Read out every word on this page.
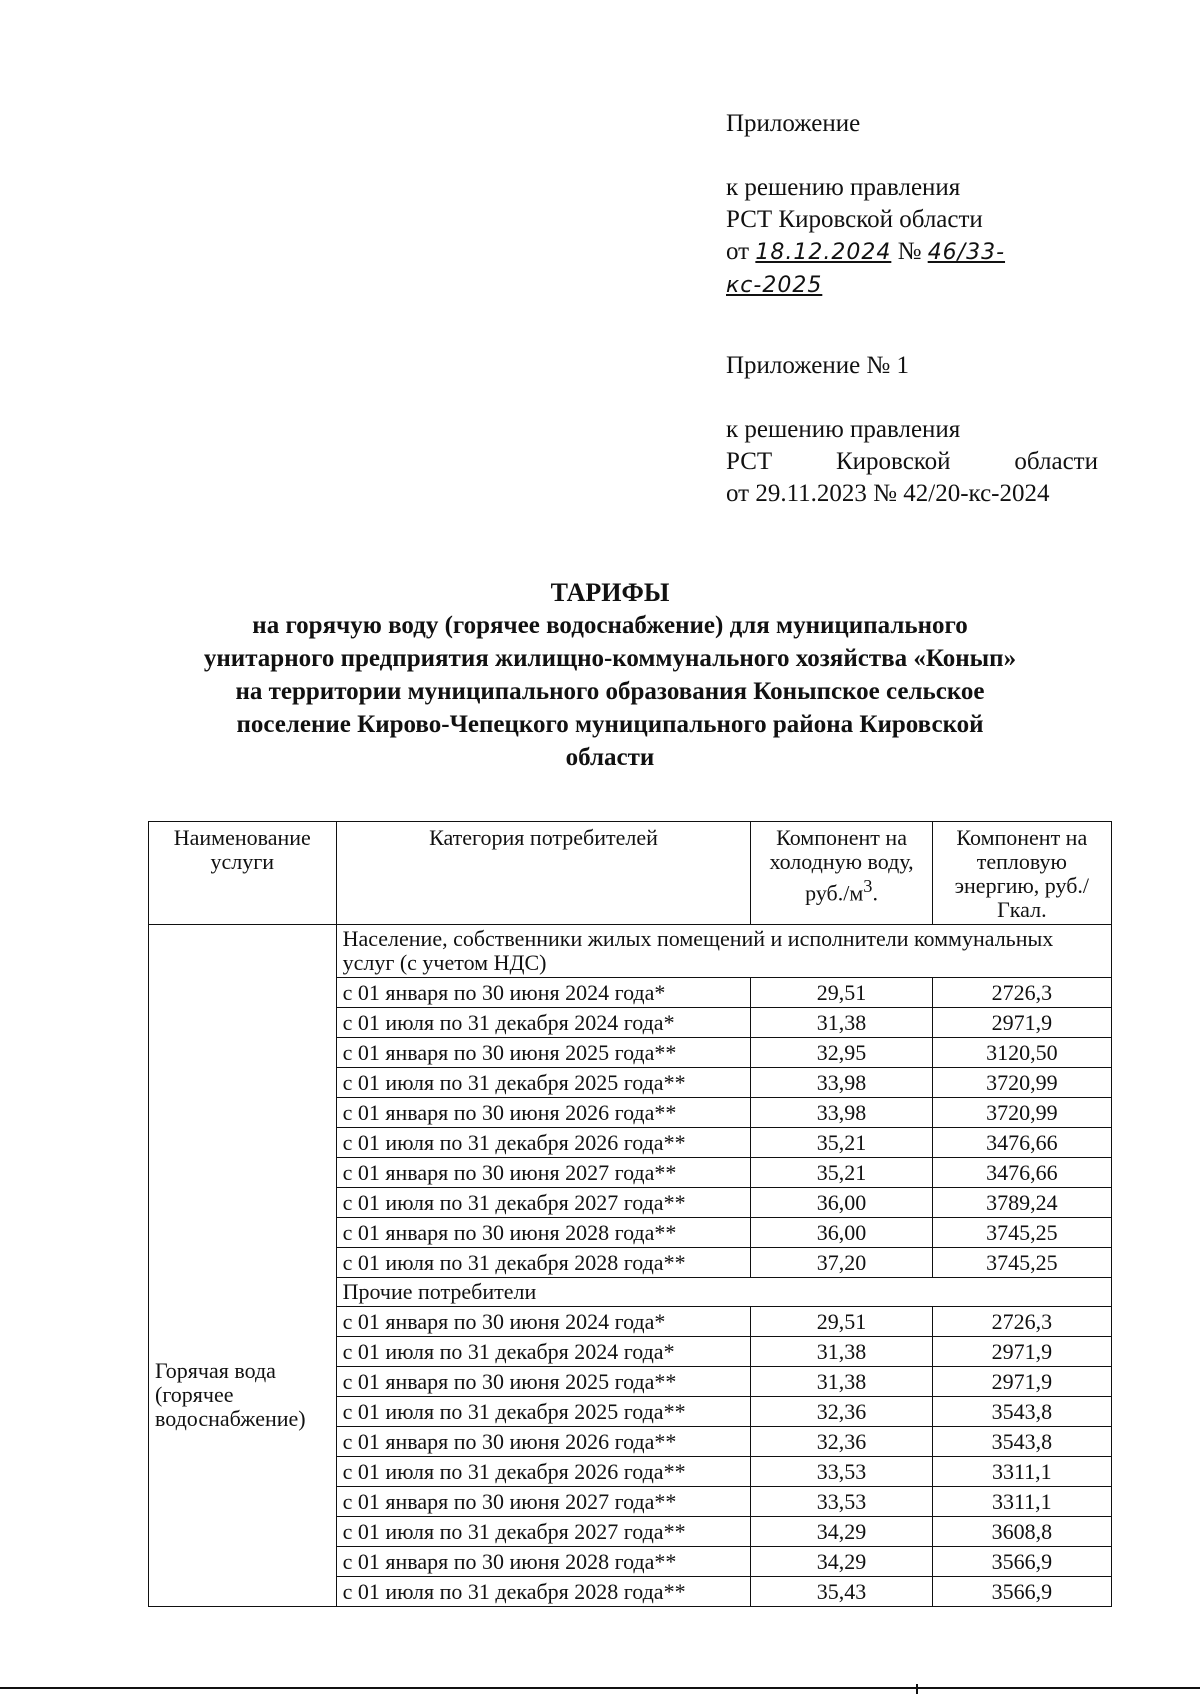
Приложение

к решению правления

РСТ Кировской области

от 18.12.2024 № 46/33-кс-2025

Приложение № 1

к решению правления

РСТ	Кировской	области

от 29.11.2023 № 42/20-кс-2024

ТАРИФЫ

на горячую воду (горячее водоснабжение) для муниципального

унитарного предприятия жилищно-коммунального хозяйства «Конып»

на территории муниципального образования Коныпское сельское

поселение Кирово-Чепецкого муниципального района Кировской

области

Наименование услуги	Категория потребителей	Компонент на холодную воду, $руб./м^3$.	Компонент на тепловую энергию, руб./Гкал.
Горячая вода (горячее водоснабжение)	Население, собственники жилых помещений и исполнители коммунальных услуг (с учетом НДС)		
	с 01 января по 30 июня 2024 года*	29,51	2726,3
	с 01 июля по 31 декабря 2024 года*	31,38	2971,9
	с 01 января по 30 июня 2025 года**	32,95	3120,50
	с 01 июля по 31 декабря 2025 года**	33,98	3720,99
	с 01 января по 30 июня 2026 года**	33,98	3720,99
	с 01 июля по 31 декабря 2026 года**	35,21	3476,66
	с 01 января по 30 июня 2027 года**	35,21	3476,66
	с 01 июля по 31 декабря 2027 года**	36,00	3789,24
	с 01 января по 30 июня 2028 года**	36,00	3745,25
	с 01 июля по 31 декабря 2028 года**	37,20	3745,25
	Прочие потребители		
	с 01 января по 30 июня 2024 года*	29,51	2726,3
	с 01 июля по 31 декабря 2024 года*	31,38	2971,9
	с 01 января по 30 июня 2025 года**	31,38	2971,9
	с 01 июля по 31 декабря 2025 года**	32,36	3543,8
	с 01 января по 30 июня 2026 года**	32,36	3543,8
	с 01 июля по 31 декабря 2026 года**	33,53	3311,1
	с 01 января по 30 июня 2027 года**	33,53	3311,1
	с 01 июля по 31 декабря 2027 года**	34,29	3608,8
	с 01 января по 30 июня 2028 года**	34,29	3566,9
	с 01 июля по 31 декабря 2028 года**	35,43	3566,9
